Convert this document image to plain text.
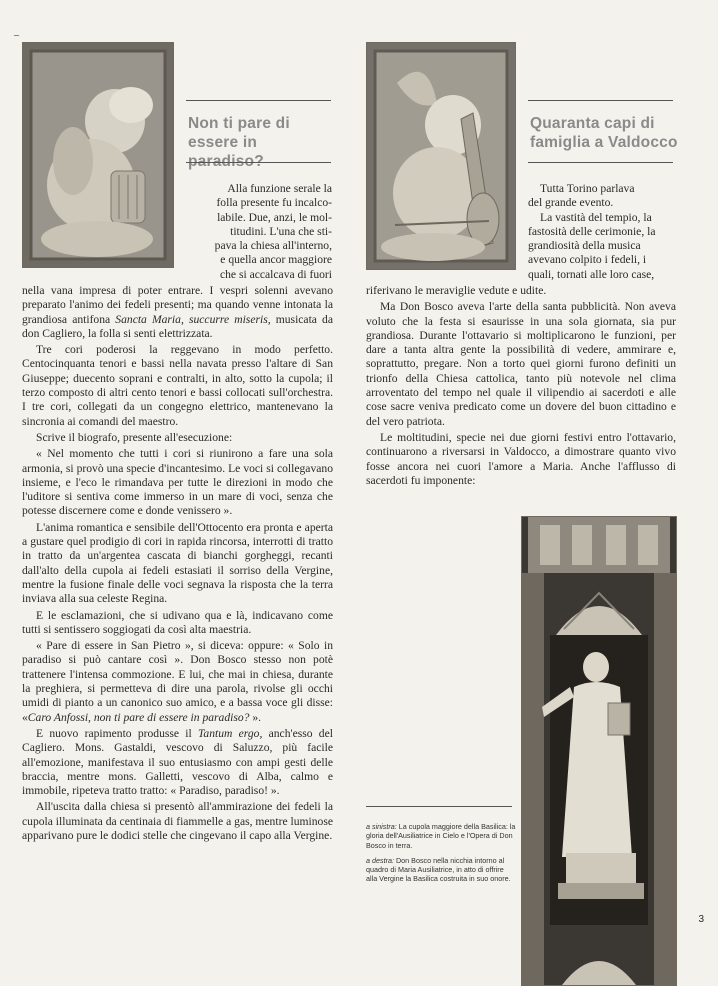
–
Non ti pare di
essere in paradiso?
Quaranta capi di
famiglia a Valdocco
Alla funzione serale la
folla presente fu incalco-
labile. Due, anzi, le mol-
titudini. L'una che sti-
pava la chiesa all'interno,
e quella ancor maggiore
che si accalcava di fuori

nella vana impresa di poter entrare. I vespri solenni avevano preparato l'animo dei fedeli presenti; ma quando venne intonata la grandiosa antifona Sancta Maria, succurre miseris, musicata da don Cagliero, la folla si senti elettrizzata.

Tre cori poderosi la reggevano in modo perfetto. Centocinquanta tenori e bassi nella navata presso l'altare di San Giuseppe; duecento soprani e contralti, in alto, sotto la cupola; il terzo composto di altri cento tenori e bassi collocati sull'orchestra. I tre cori, collegati da un congegno elettrico, mantenevano la sincronia ai comandi del maestro.

Scrive il biografo, presente all'esecuzione:

« Nel momento che tutti i cori si riunirono a fare una sola armonia, si provò una specie d'incantesimo. Le voci si collegavano insieme, e l'eco le rimandava per tutte le direzioni in modo che l'uditore si sentiva come immerso in un mare di voci, senza che potesse discernere come e donde venissero ».

L'anima romantica e sensibile dell'Ottocento era pronta e aperta a gustare quel prodigio di cori in rapida rincorsa, interrotti di tratto in tratto da un'argentea cascata di bianchi gorgheggi, recanti dall'alto della cupola ai fedeli estasiati il sorriso della Vergine, mentre la fusione finale delle voci segnava la risposta che la terra inviava alla sua celeste Regina.

E le esclamazioni, che si udivano qua e là, indicavano come tutti si sentissero soggiogati da così alta maestria.

« Pare di essere in San Pietro », si diceva: oppure: « Solo in paradiso si può cantare così ». Don Bosco stesso non potè trattenere l'intensa commozione. E lui, che mai in chiesa, durante la preghiera, si permetteva di dire una parola, rivolse gli occhi umidi di pianto a un canonico suo amico, e a bassa voce gli disse: «Caro Anfossi, non ti pare di essere in paradiso? ».

E nuovo rapimento produsse il Tantum ergo, anch'esso del Cagliero. Mons. Gastaldi, vescovo di Saluzzo, più facile all'emozione, manifestava il suo entusiasmo con ampi gesti delle braccia, mentre mons. Galletti, vescovo di Alba, calmo e immobile, ripeteva tratto tratto: « Paradiso, paradiso! ».

All'uscita dalla chiesa si presentò all'ammirazione dei fedeli la cupola illuminata da centinaia di fiammelle a gas, mentre luminose apparivano pure le dodici stelle che cingevano il capo alla Vergine.

Tutta Torino parlava
del grande evento.
La vastità del tempio, la
fastosità delle cerimonie, la
grandiosità della musica
avevano colpito i fedeli, i
quali, tornati alle loro case,

riferivano le meraviglie vedute e udite.

Ma Don Bosco aveva l'arte della santa pubblicità. Non aveva voluto che la festa si esaurisse in una sola giornata, sia pur grandiosa. Durante l'ottavario si moltiplicarono le funzioni, per dare a tanta altra gente la possibilità di vedere, ammirare e, soprattutto, pregare. Non a torto quei giorni furono definiti un trionfo della Chiesa cattolica, tanto più notevole nel clima arroventato del tempo nel quale il vilipendio ai sacerdoti e alle cose sacre veniva predicato come un dovere del buon cittadino e del vero patriota.

Le moltitudini, specie nei due giorni festivi entro l'ottavario, continuarono a riversarsi in Valdocco, a dimostrare quanto vivo fosse ancora nei cuori l'amore a Maria. Anche l'afflusso di sacerdoti fu imponente:

a sinistra: La cupola maggiore della Basilica: la gloria dell'Ausiliatrice in Cielo e l'Opera di Don Bosco in terra.

a destra: Don Bosco nella nicchia intorno al quadro di Maria Ausiliatrice, in atto di offrire alla Vergine la Basilica costruita in suo onore.

3
